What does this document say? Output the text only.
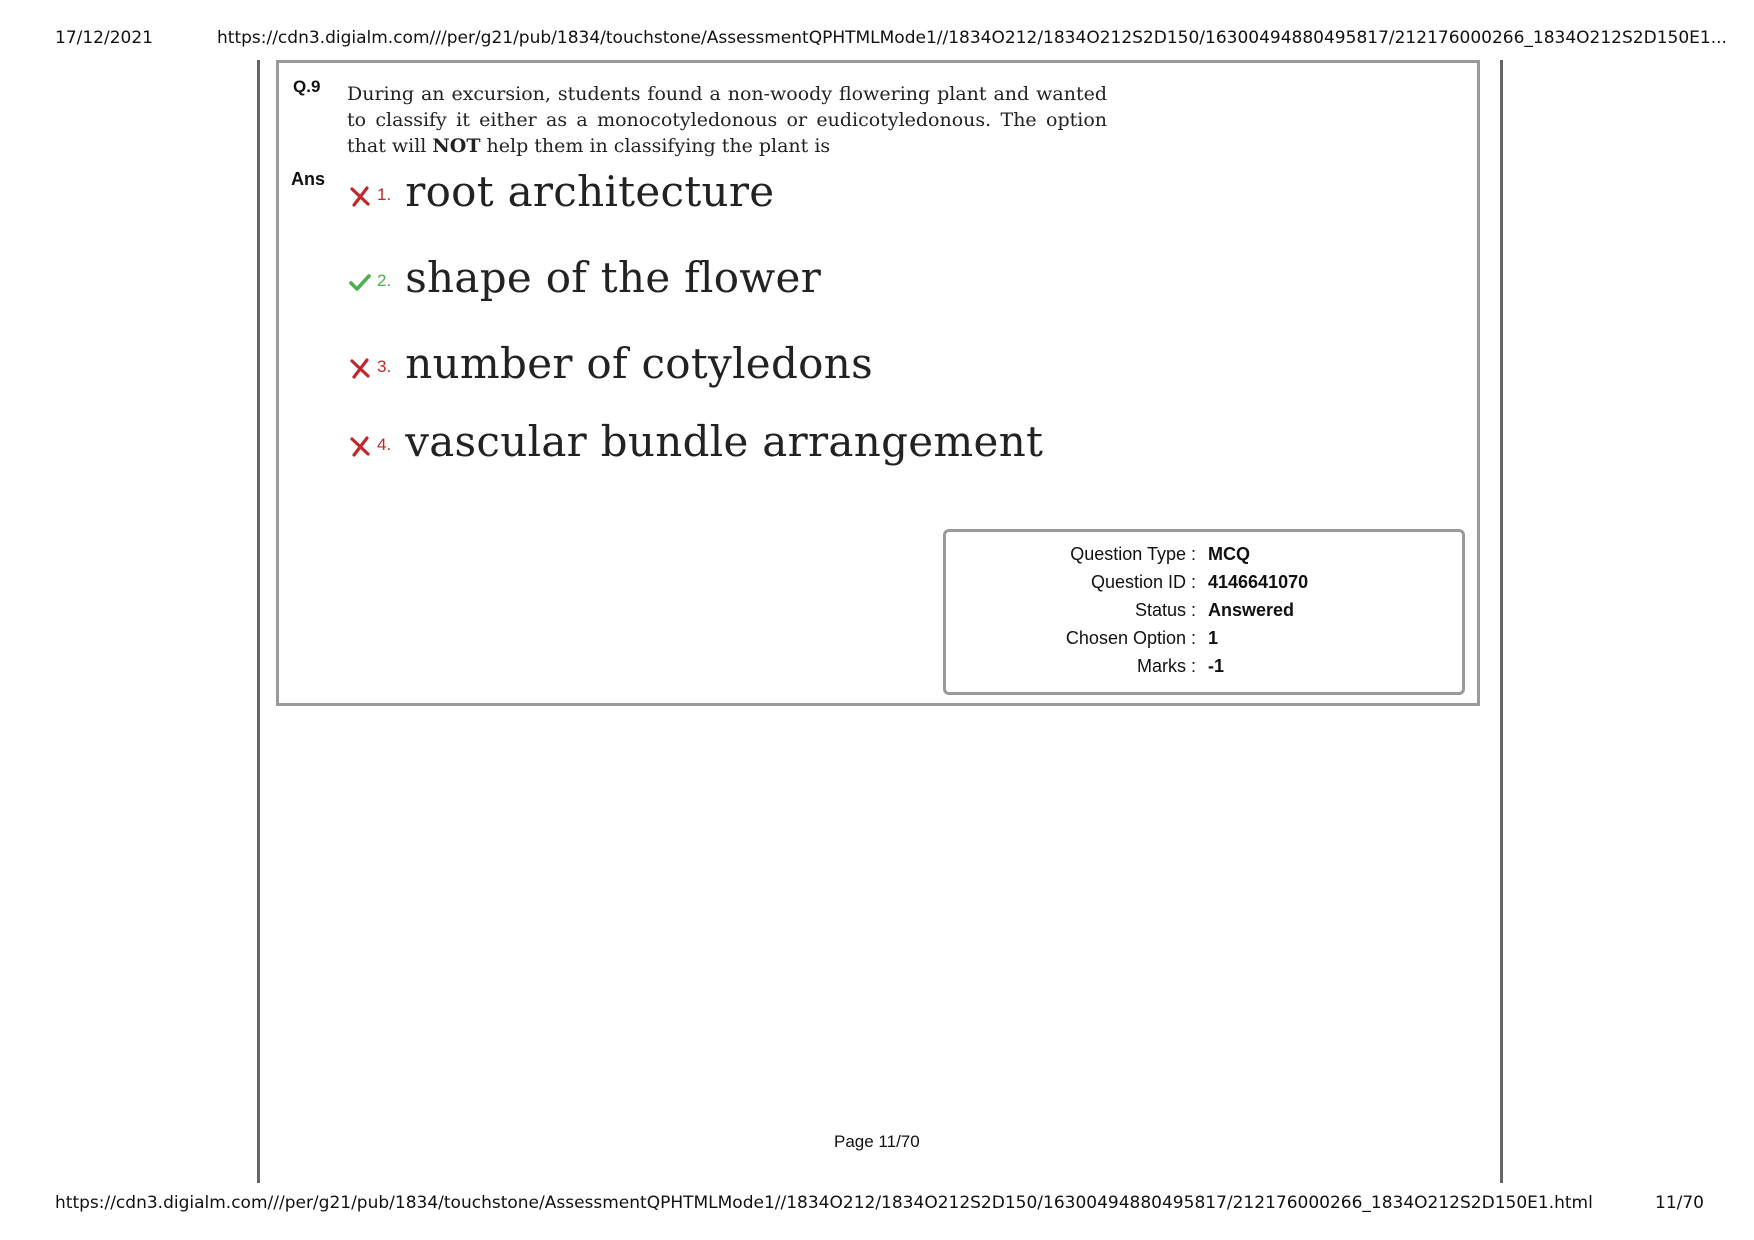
17/12/2021	https://cdn3.digialm.com///per/g21/pub/1834/touchstone/AssessmentQPHTMLMode1//1834O212/1834O212S2D150/16300494880495817/212176000266_1834O212S2D150E1...
Q.9 During an excursion, students found a non-woody flowering plant and wanted to classify it either as a monocotyledonous or eudicotyledonous. The option that will NOT help them in classifying the plant is
Ans
1. root architecture
2. shape of the flower
3. number of cotyledons
4. vascular bundle arrangement
Question Type : MCQ
Question ID : 4146641070
Status : Answered
Chosen Option : 1
Marks : -1
Page 11/70
https://cdn3.digialm.com///per/g21/pub/1834/touchstone/AssessmentQPHTMLMode1//1834O212/1834O212S2D150/16300494880495817/212176000266_1834O212S2D150E1.html	11/70
